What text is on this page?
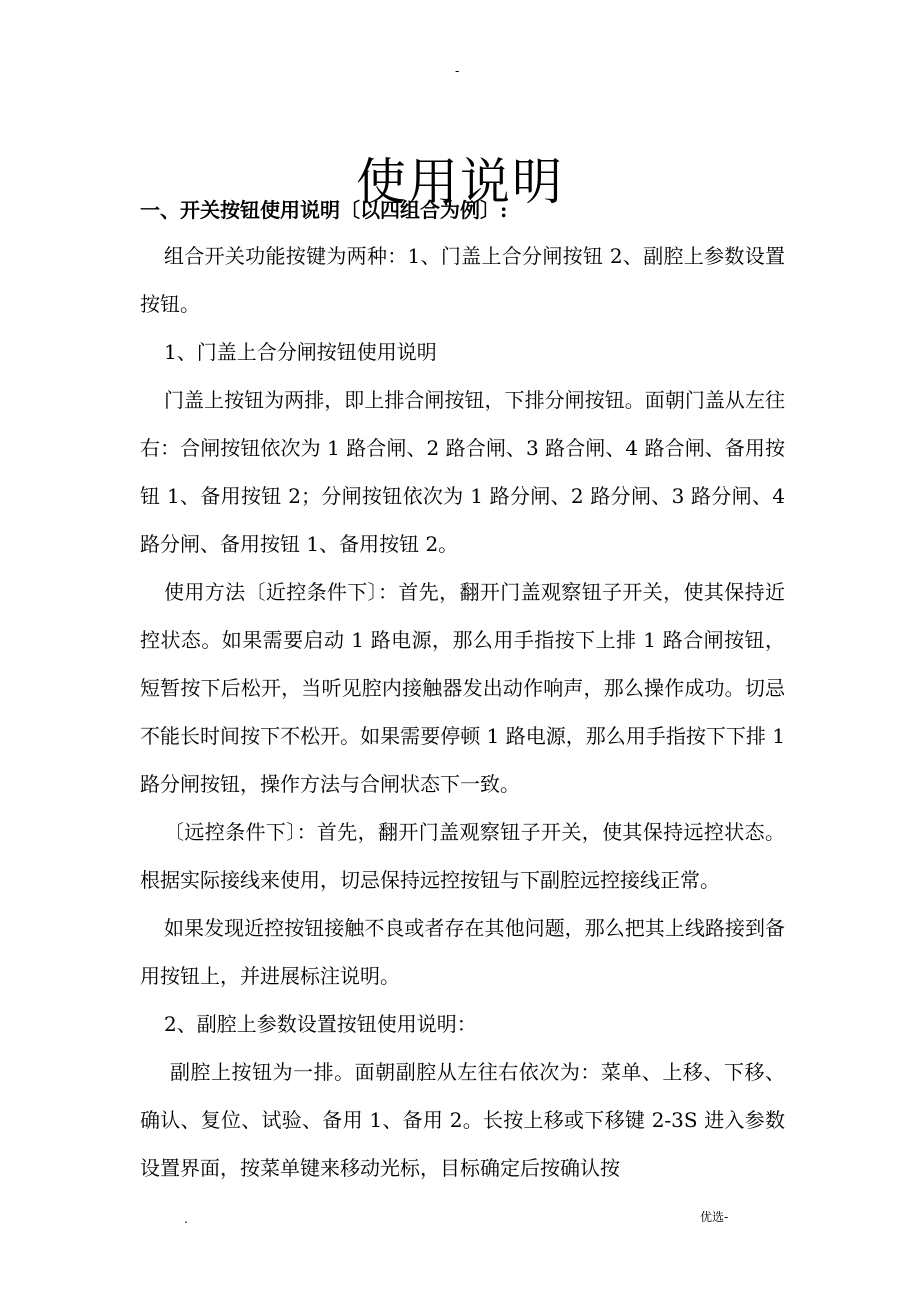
-
使用说明
一、开关按钮使用说明〔以四组合为例〕:

组合开关功能按键为两种：1、门盖上合分闸按钮 2、副腔上参数设置按钮。

1、门盖上合分闸按钮使用说明

门盖上按钮为两排，即上排合闸按钮，下排分闸按钮。面朝门盖从左往右：合闸按钮依次为 1 路合闸、2 路合闸、3 路合闸、4 路合闸、备用按钮 1、备用按钮 2；分闸按钮依次为 1 路分闸、2 路分闸、3 路分闸、4 路分闸、备用按钮 1、备用按钮 2。

使用方法〔近控条件下〕：首先，翻开门盖观察钮子开关，使其保持近控状态。如果需要启动 1 路电源，那么用手指按下上排 1 路合闸按钮，短暂按下后松开，当听见腔内接触器发出动作响声，那么操作成功。切忌不能长时间按下不松开。如果需要停顿 1 路电源，那么用手指按下下排 1 路分闸按钮，操作方法与合闸状态下一致。

〔远控条件下〕：首先，翻开门盖观察钮子开关，使其保持远控状态。根据实际接线来使用，切忌保持远控按钮与下副腔远控接线正常。

如果发现近控按钮接触不良或者存在其他问题，那么把其上线路接到备用按钮上，并进展标注说明。

2、副腔上参数设置按钮使用说明：

副腔上按钮为一排。面朝副腔从左往右依次为：菜单、上移、下移、确认、复位、试验、备用 1、备用 2。长按上移或下移键 2-3S 进入参数设置界面，按菜单键来移动光标，目标确定后按确认按

.	优选-
